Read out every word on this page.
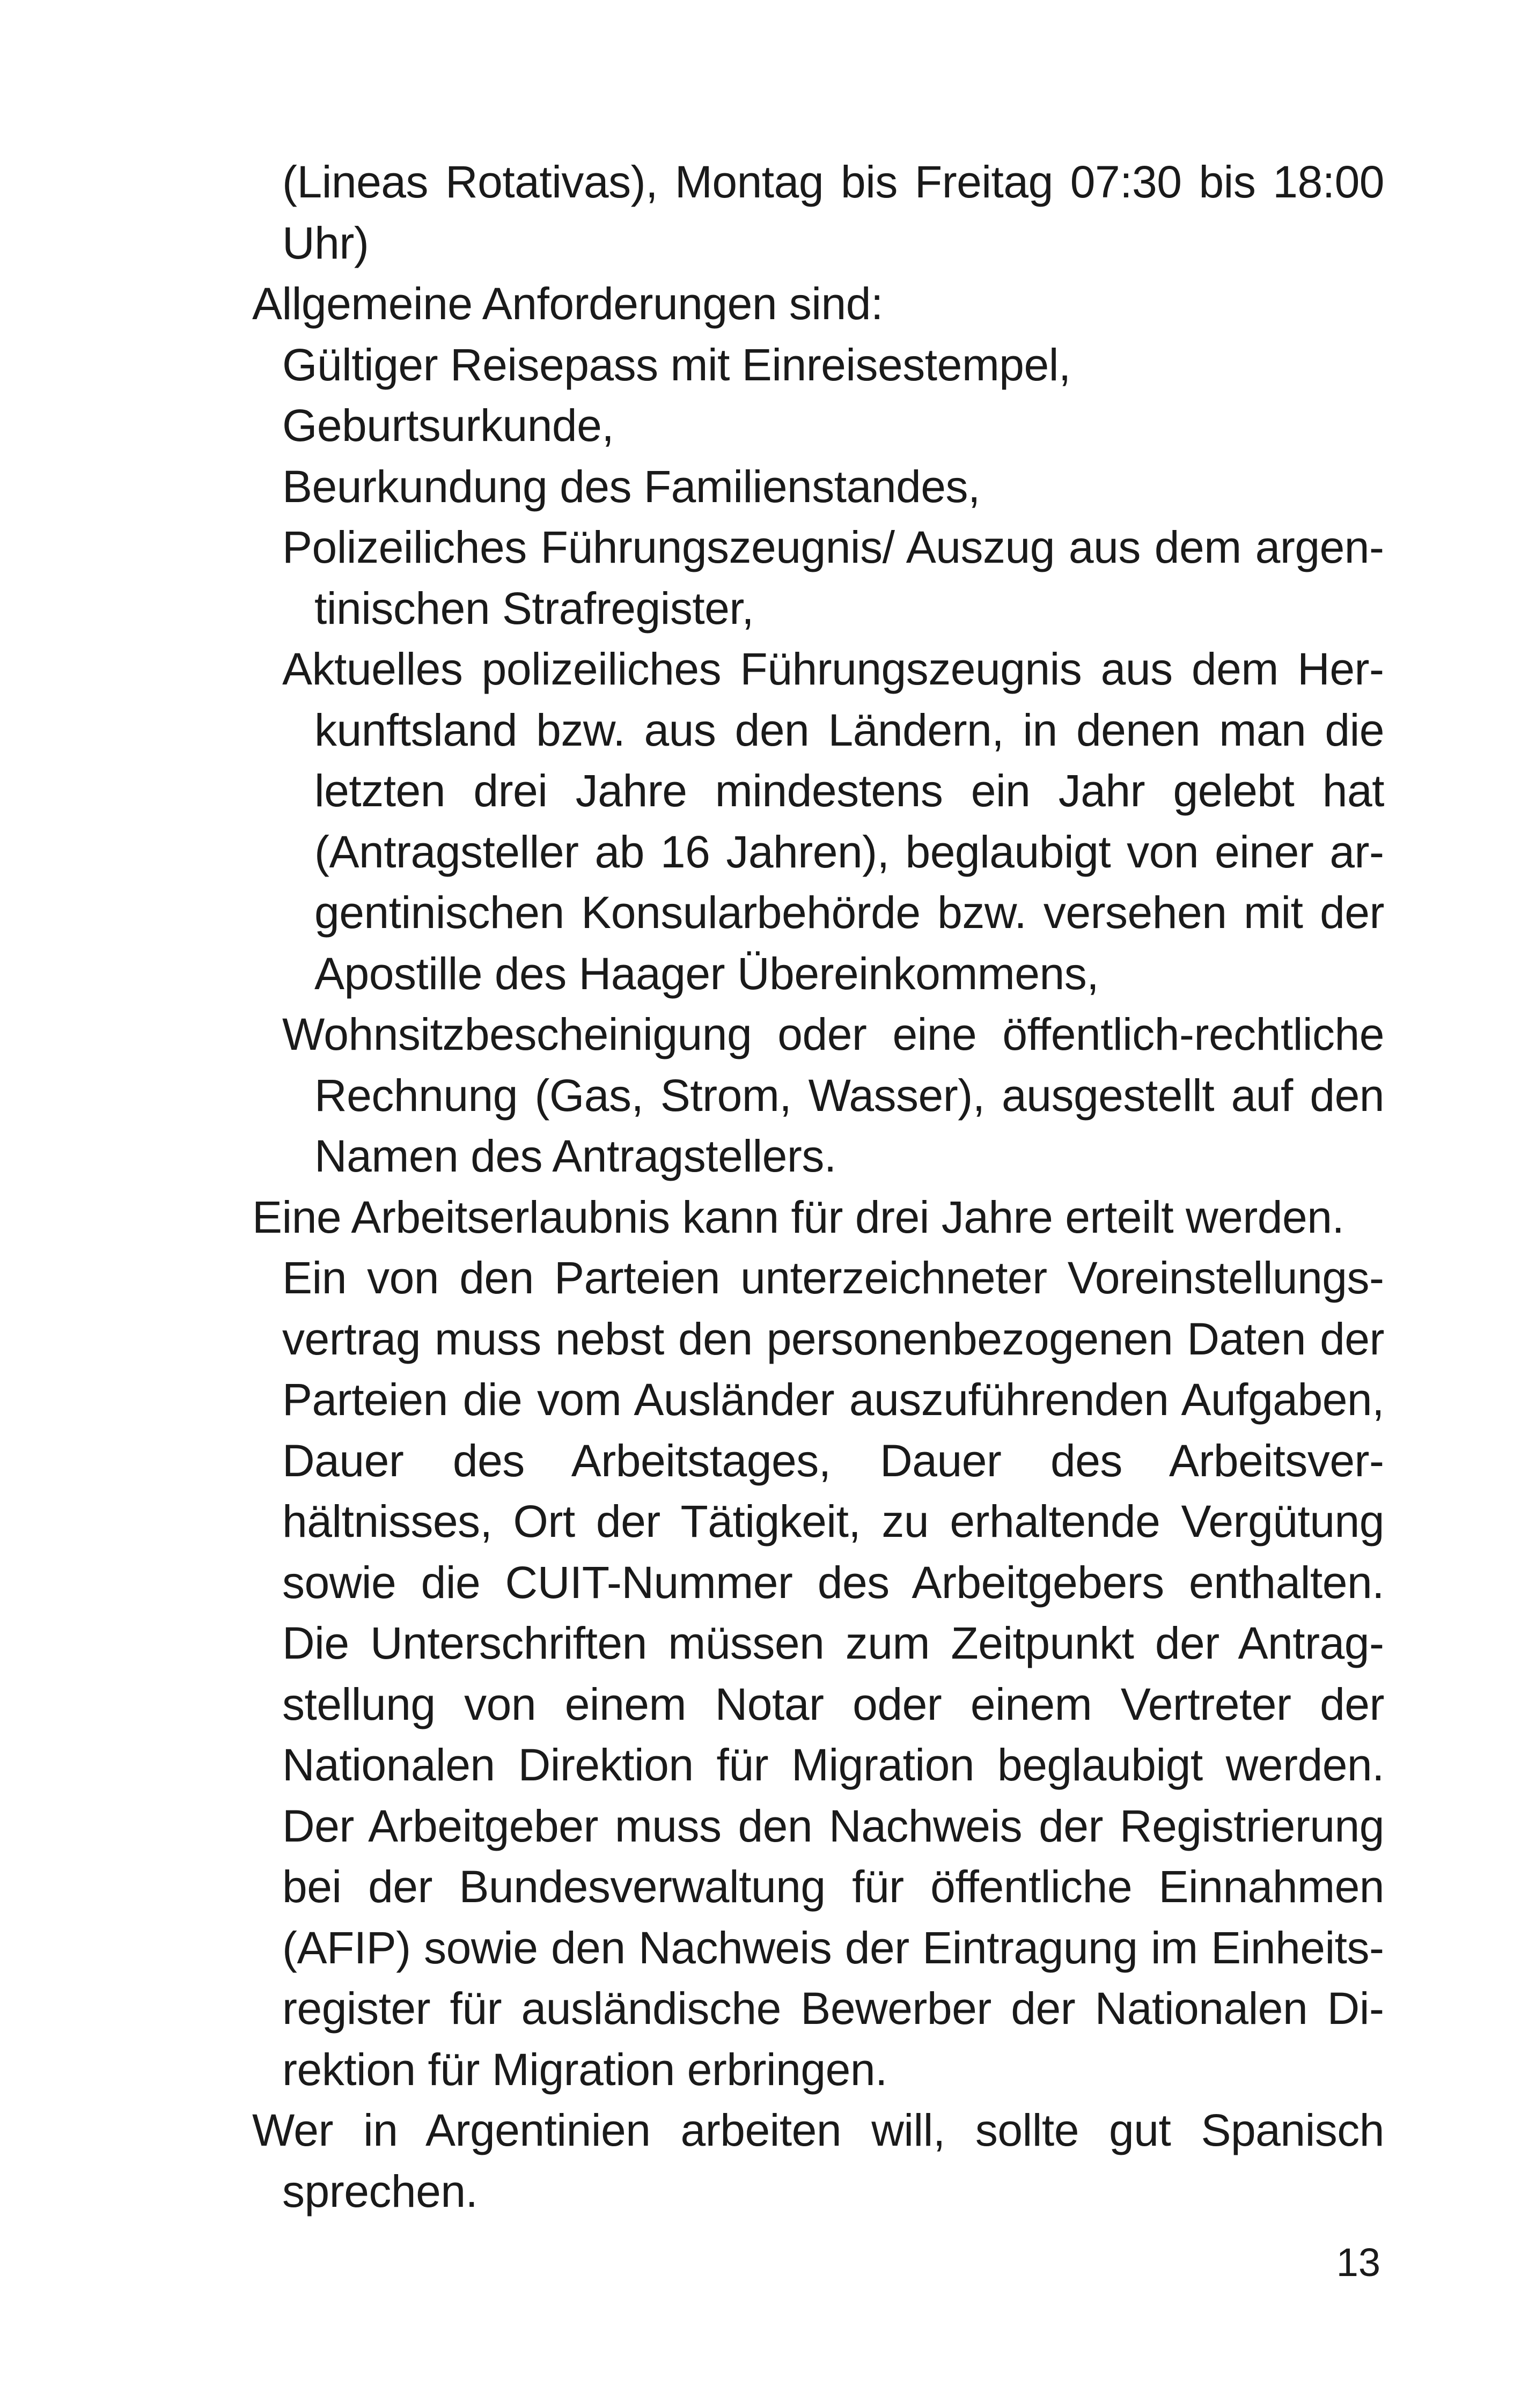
(Lineas Rotativas), Montag bis Freitag 07:30 bis 18:00 Uhr)

Allgemeine Anforderungen sind:

Gültiger Reisepass mit Einreisestempel,

Geburtsurkunde,

Beurkundung des Familienstandes,

Polizeiliches Führungszeugnis/ Auszug aus dem argentinischen Strafregister,

Aktuelles polizeiliches Führungszeugnis aus dem Herkunftsland bzw. aus den Ländern, in denen man die letzten drei Jahre mindestens ein Jahr gelebt hat (Antragsteller ab 16 Jahren), beglaubigt von einer argentinischen Konsularbehörde bzw. versehen mit der Apostille des Haager Übereinkommens,

Wohnsitzbescheinigung oder eine öffentlich-rechtliche Rechnung (Gas, Strom, Wasser), ausgestellt auf den Namen des Antragstellers.

Eine Arbeitserlaubnis kann für drei Jahre erteilt werden.

Ein von den Parteien unterzeichneter Voreinstellungsvertrag muss nebst den personenbezogenen Daten der Parteien die vom Ausländer auszuführenden Aufgaben, Dauer des Arbeitstages, Dauer des Arbeitsverhältnisses, Ort der Tätigkeit, zu erhaltende Vergütung sowie die CUIT-Nummer des Arbeitgebers enthalten. Die Unterschriften müssen zum Zeitpunkt der Antragstellung von einem Notar oder einem Vertreter der Nationalen Direktion für Migration beglaubigt werden. Der Arbeitgeber muss den Nachweis der Registrierung bei der Bundesverwaltung für öffentliche Einnahmen (AFIP) sowie den Nachweis der Eintragung im Einheitsregister für ausländische Bewerber der Nationalen Direktion für Migration erbringen.

Wer in Argentinien arbeiten will, sollte gut Spanisch sprechen.

13
